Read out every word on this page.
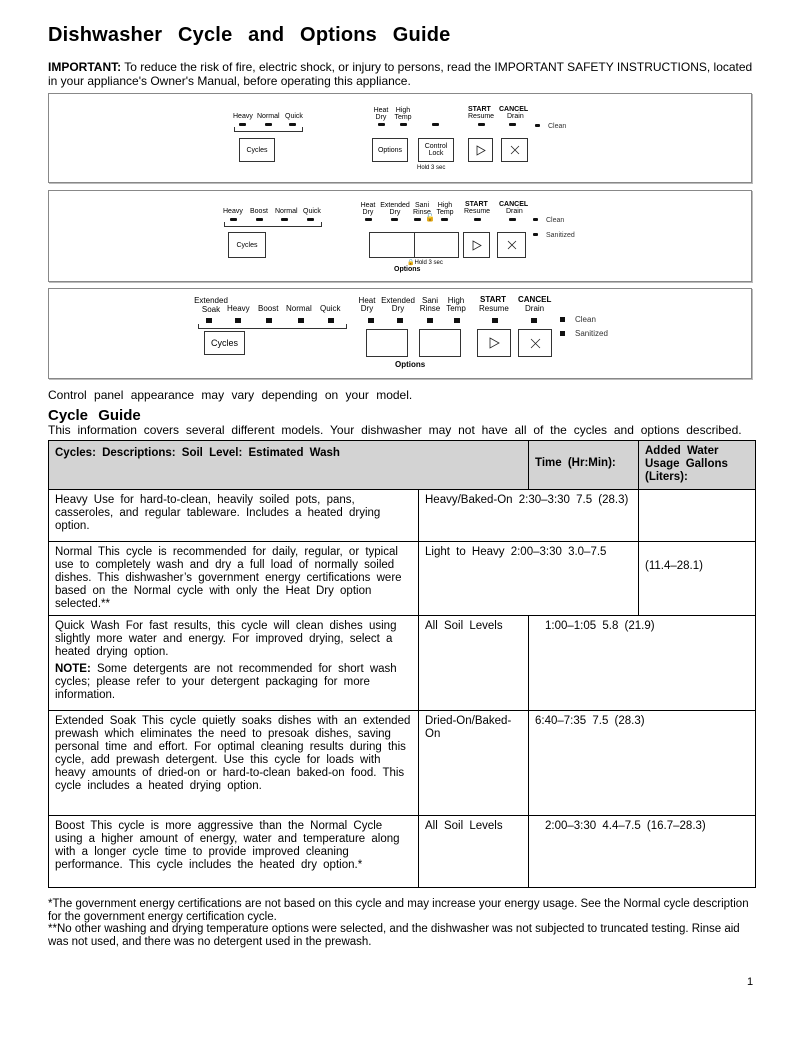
Dishwasher Cycle and Options Guide
IMPORTANT: To reduce the risk of fire, electric shock, or injury to persons, read the IMPORTANT SAFETY INSTRUCTIONS, located in your appliance's Owner's Manual, before operating this appliance.
Heavy Normal Quick
Cycles
Heat Dry
High Temp
Options	Control Lock
Hold 3 sec
START
Resume
CANCEL
Drain
Clean
Heavy Boost Normal Quick
Cycles
Heat Dry
Extended Dry
Sani Rinse
High Temp
🔓
🔒Hold 3 sec
Options
START
Resume
CANCEL
Drain
Clean
Sanitized
Extended Soak Heavy Boost Normal Quick
Cycles
Heat Dry
Extended Dry
Sani Rinse
High Temp
Options
START
Resume
CANCEL
Drain
Clean
Sanitized
Control panel appearance may vary depending on your model.
Cycle Guide
This information covers several different models. Your dishwasher may not have all of the cycles and options described.
Cycles: Descriptions: Soil Level: Estimated Wash		Time (Hr:Min):	Added Water Usage Gallons (Liters):
Heavy Use for hard-to-clean, heavily soiled pots, pans, casseroles, and regular tableware. Includes a heated drying option.	Heavy/Baked-On 2:30–3:30 7.5 (28.3)		
Normal This cycle is recommended for daily, regular, or typical use to completely wash and dry a full load of normally soiled dishes. This dishwasher’s government energy certifications were based on the Normal cycle with only the Heat Dry option selected.**	Light to Heavy 2:00–3:30 3.0–7.5		(11.4–28.1)
Quick Wash For fast results, this cycle will clean dishes using slightly more water and energy. For improved drying, select a heated drying option.
NOTE: Some detergents are not recommended for short wash cycles; please refer to your detergent packaging for more information.	All Soil Levels	1:00–1:05 5.8 (21.9)	
Extended Soak This cycle quietly soaks dishes with an extended prewash which eliminates the need to presoak dishes, saving personal time and effort. For optimal cleaning results during this cycle, add prewash detergent. Use this cycle for loads with heavy amounts of dried-on or hard-to-clean baked-on food. This cycle includes a heated drying option.	Dried-On/Baked-On	6:40–7:35 7.5 (28.3)	
Boost This cycle is more aggressive than the Normal Cycle using a higher amount of energy, water and temperature along with a longer cycle time to provide improved cleaning performance. This cycle includes the heated dry option.*	All Soil Levels	2:00–3:30 4.4–7.5 (16.7–28.3)	
*The government energy certifications are not based on this cycle and may increase your energy usage. See the Normal cycle description for the government energy certification cycle.
**No other washing and drying temperature options were selected, and the dishwasher was not subjected to truncated testing. Rinse aid was not used, and there was no detergent used in the prewash.
1
